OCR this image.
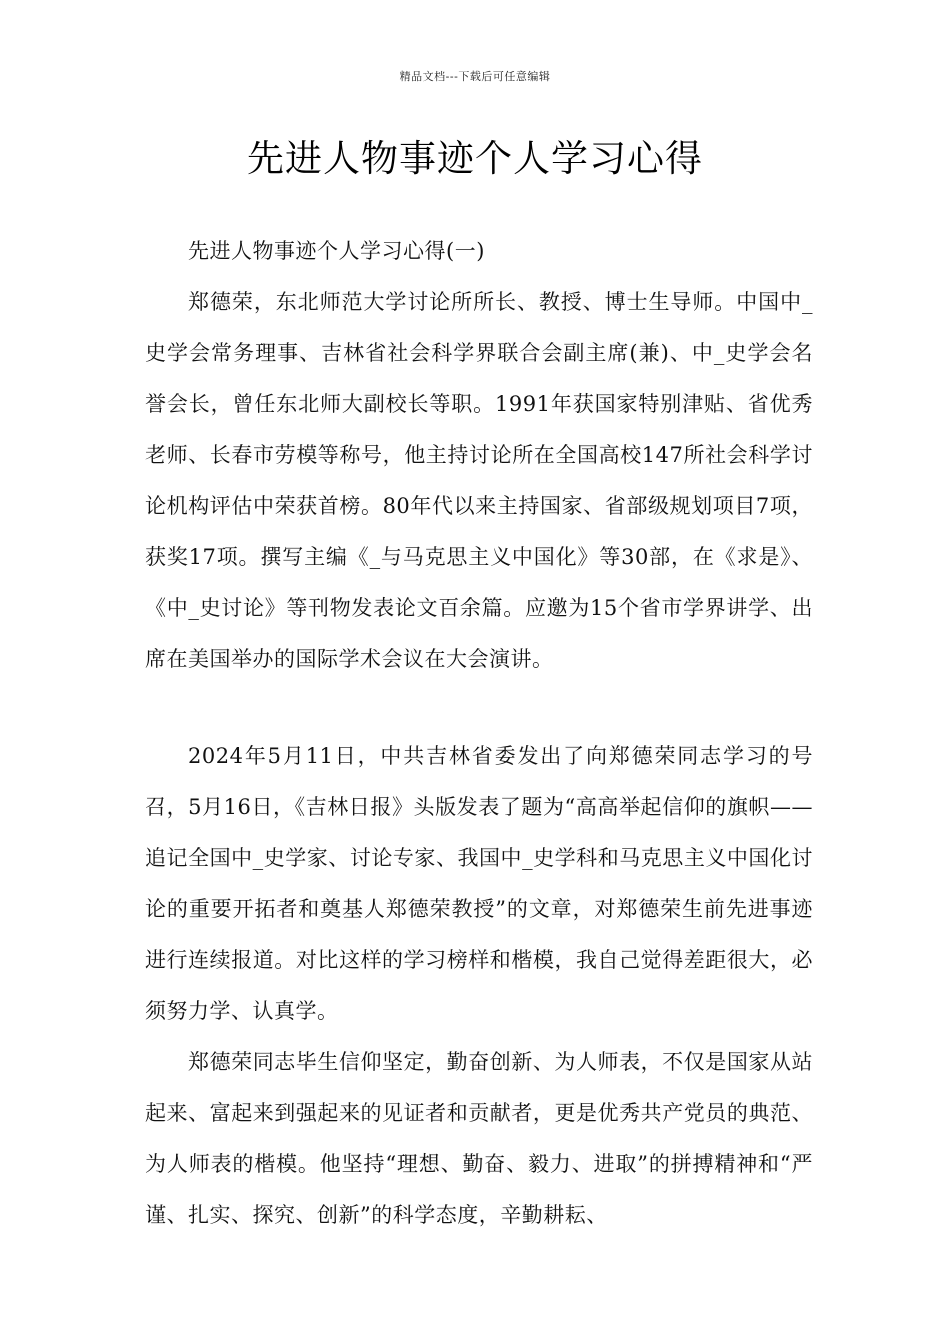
精品文档---下载后可任意编辑
先进人物事迹个人学习心得

先进人物事迹个人学习心得(一)

郑德荣，东北师范大学讨论所所长、教授、博士生导师。中国中_史学会常务理事、吉林省社会科学界联合会副主席(兼)、中_史学会名誉会长，曾任东北师大副校长等职。1991年获国家特别津贴、省优秀老师、长春市劳模等称号，他主持讨论所在全国高校147所社会科学讨论机构评估中荣获首榜。80年代以来主持国家、省部级规划项目7项，获奖17项。撰写主编《_与马克思主义中国化》等30部，在《求是》、《中_史讨论》等刊物发表论文百余篇。应邀为15个省市学界讲学、出席在美国举办的国际学术会议在大会演讲。

2024年5月11日，中共吉林省委发出了向郑德荣同志学习的号召，5月16日，《吉林日报》头版发表了题为“高高举起信仰的旗帜——追记全国中_史学家、讨论专家、我国中_史学科和马克思主义中国化讨论的重要开拓者和奠基人郑德荣教授”的文章，对郑德荣生前先进事迹进行连续报道。对比这样的学习榜样和楷模，我自己觉得差距很大，必须努力学、认真学。

郑德荣同志毕生信仰坚定，勤奋创新、为人师表，不仅是国家从站起来、富起来到强起来的见证者和贡献者，更是优秀共产党员的典范、为人师表的楷模。他坚持“理想、勤奋、毅力、进取”的拼搏精神和“严谨、扎实、探究、创新”的科学态度，辛勤耕耘、
